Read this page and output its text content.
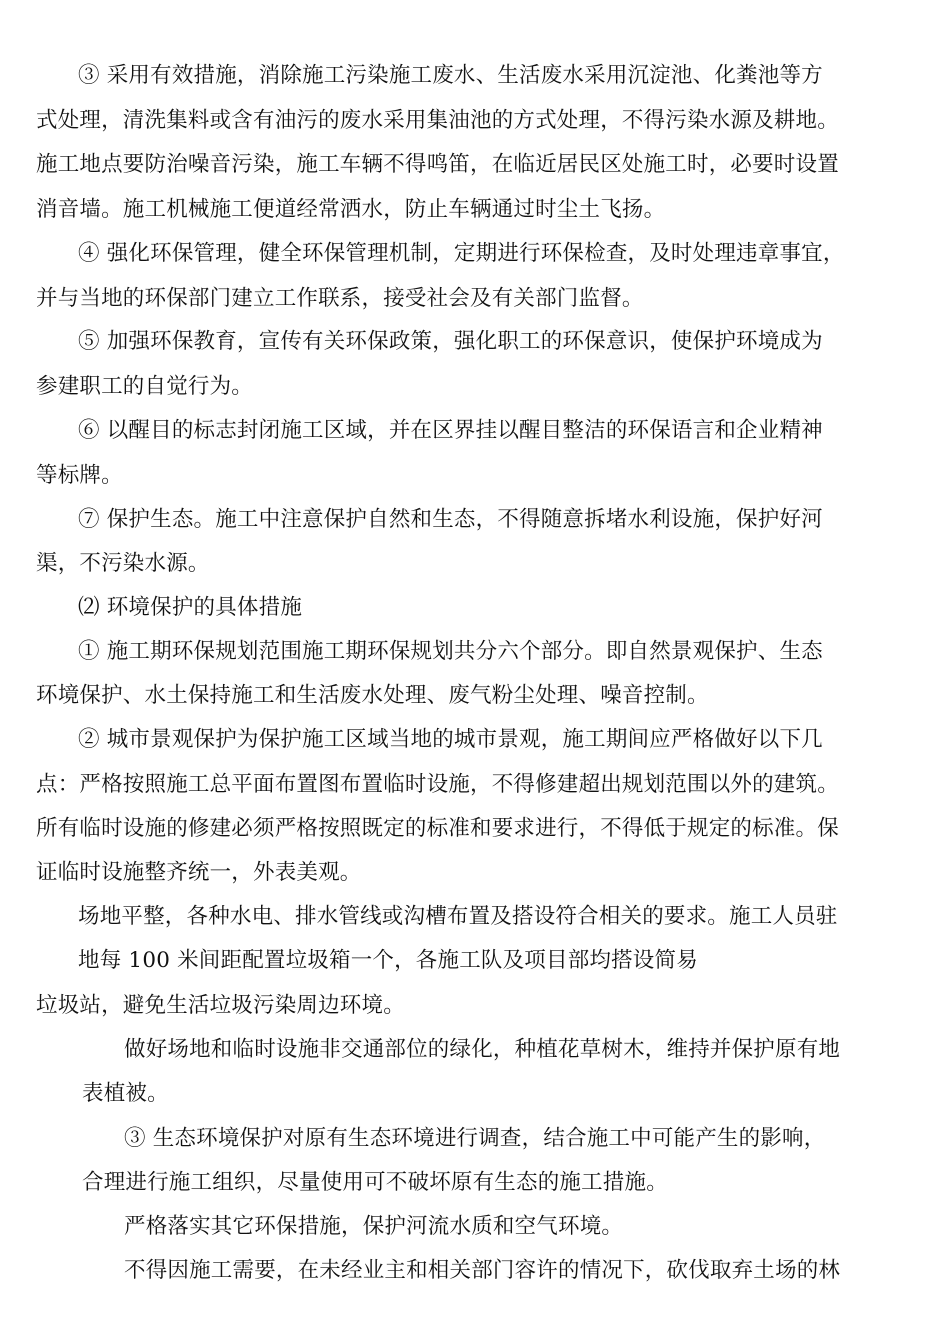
③ 采用有效措施，消除施工污染施工废水、生活废水采用沉淀池、化粪池等方

式处理，清洗集料或含有油污的废水采用集油池的方式处理，不得污染水源及耕地。

施工地点要防治噪音污染，施工车辆不得鸣笛，在临近居民区处施工时，必要时设置

消音墙。施工机械施工便道经常洒水，防止车辆通过时尘土飞扬。

④ 强化环保管理，健全环保管理机制，定期进行环保检查，及时处理违章事宜，

并与当地的环保部门建立工作联系，接受社会及有关部门监督。

⑤ 加强环保教育，宣传有关环保政策，强化职工的环保意识，使保护环境成为

参建职工的自觉行为。

⑥ 以醒目的标志封闭施工区域，并在区界挂以醒目整洁的环保语言和企业精神

等标牌。

⑦ 保护生态。施工中注意保护自然和生态，不得随意拆堵水利设施，保护好河

渠，不污染水源。

⑵ 环境保护的具体措施

① 施工期环保规划范围施工期环保规划共分六个部分。即自然景观保护、生态

环境保护、水土保持施工和生活废水处理、废气粉尘处理、噪音控制。

② 城市景观保护为保护施工区域当地的城市景观，施工期间应严格做好以下几

点：严格按照施工总平面布置图布置临时设施，不得修建超出规划范围以外的建筑。

所有临时设施的修建必须严格按照既定的标准和要求进行，不得低于规定的标准。保

证临时设施整齐统一，外表美观。

场地平整，各种水电、排水管线或沟槽布置及搭设符合相关的要求。施工人员驻

地每 100 米间距配置垃圾箱一个，各施工队及项目部均搭设简易

垃圾站，避免生活垃圾污染周边环境。

做好场地和临时设施非交通部位的绿化，种植花草树木，维持并保护原有地

表植被。

③ 生态环境保护对原有生态环境进行调查，结合施工中可能产生的影响，

合理进行施工组织，尽量使用可不破坏原有生态的施工措施。

严格落实其它环保措施，保护河流水质和空气环境。

不得因施工需要，在未经业主和相关部门容许的情况下，砍伐取弃土场的林
